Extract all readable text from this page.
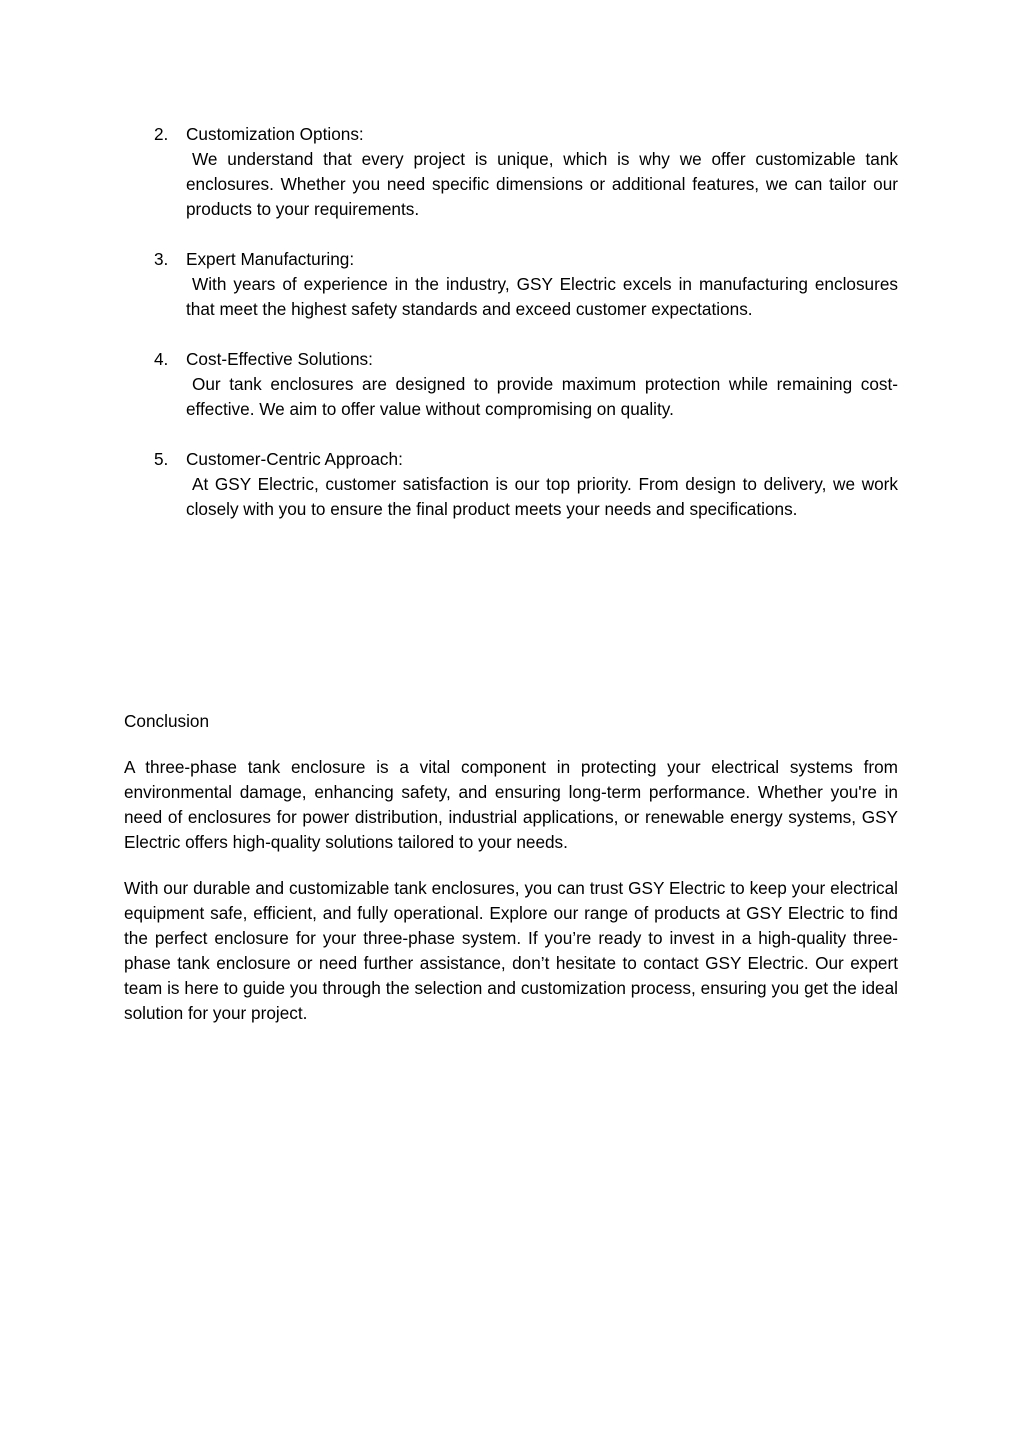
2. Customization Options:
We understand that every project is unique, which is why we offer customizable tank enclosures. Whether you need specific dimensions or additional features, we can tailor our products to your requirements.
3. Expert Manufacturing:
With years of experience in the industry, GSY Electric excels in manufacturing enclosures that meet the highest safety standards and exceed customer expectations.
4. Cost-Effective Solutions:
Our tank enclosures are designed to provide maximum protection while remaining cost-effective. We aim to offer value without compromising on quality.
5. Customer-Centric Approach:
At GSY Electric, customer satisfaction is our top priority. From design to delivery, we work closely with you to ensure the final product meets your needs and specifications.
Conclusion

A three-phase tank enclosure is a vital component in protecting your electrical systems from environmental damage, enhancing safety, and ensuring long-term performance. Whether you're in need of enclosures for power distribution, industrial applications, or renewable energy systems, GSY Electric offers high-quality solutions tailored to your needs.

With our durable and customizable tank enclosures, you can trust GSY Electric to keep your electrical equipment safe, efficient, and fully operational. Explore our range of products at GSY Electric to find the perfect enclosure for your three-phase system. If you’re ready to invest in a high-quality three-phase tank enclosure or need further assistance, don’t hesitate to contact GSY Electric. Our expert team is here to guide you through the selection and customization process, ensuring you get the ideal solution for your project.
